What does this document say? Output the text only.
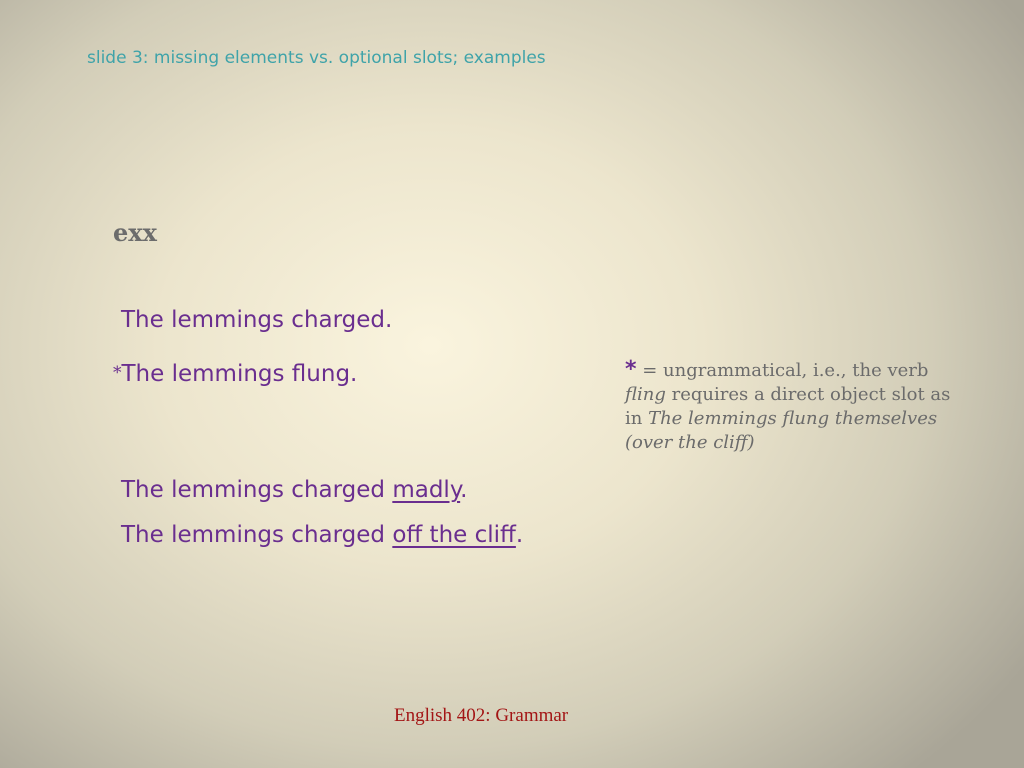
slide 3: missing elements vs. optional slots; examples
exx
The lemmings charged.
*The lemmings flung.
The lemmings charged madly.
The lemmings charged off the cliff.
* = ungrammatical, i.e., the verb fling requires a direct object slot as in The lemmings flung themselves (over the cliff)
English 402: Grammar
